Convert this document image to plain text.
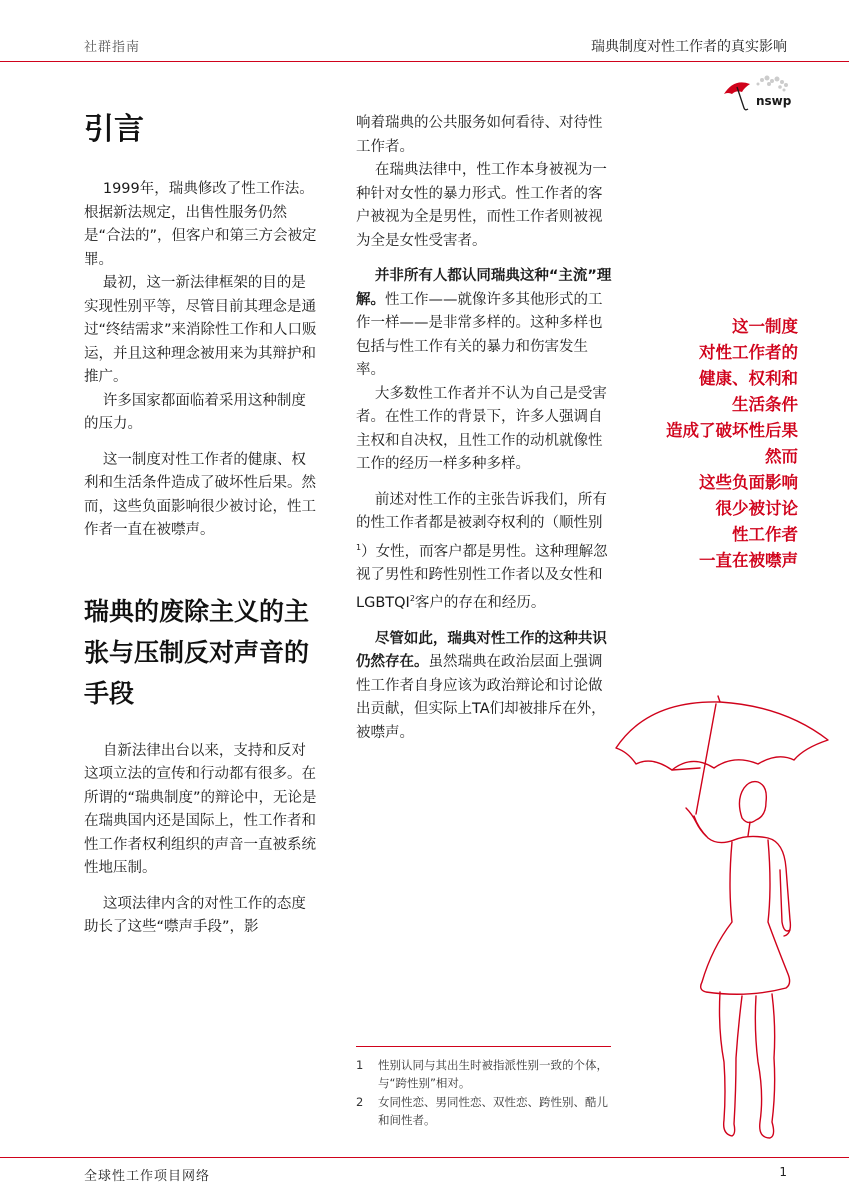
社群指南	瑞典制度对性工作者的真实影响
nswp
引言

1999年，瑞典修改了性工作法。根据新法规定，出售性服务仍然是“合法的”，但客户和第三方会被定罪。

最初，这一新法律框架的目的是实现性别平等，尽管目前其理念是通过“终结需求”来消除性工作和人口贩运，并且这种理念被用来为其辩护和推广。

许多国家都面临着采用这种制度的压力。

这一制度对性工作者的健康、权利和生活条件造成了破坏性后果。然而，这些负面影响很少被讨论，性工作者一直在被噤声。

瑞典的废除主义的主张与压制反对声音的手段

自新法律出台以来，支持和反对这项立法的宣传和行动都有很多。在所谓的“瑞典制度”的辩论中，无论是在瑞典国内还是国际上，性工作者和性工作者权利组织的声音一直被系统性地压制。

这项法律内含的对性工作的态度助长了这些“噤声手段”，影

响着瑞典的公共服务如何看待、对待性工作者。

在瑞典法律中，性工作本身被视为一种针对女性的暴力形式。性工作者的客户被视为全是男性，而性工作者则被视为全是女性受害者。

并非所有人都认同瑞典这种“主流”理解。性工作——就像许多其他形式的工作一样——是非常多样的。这种多样也包括与性工作有关的暴力和伤害发生率。

大多数性工作者并不认为自己是受害者。在性工作的背景下，许多人强调自主权和自决权，且性工作的动机就像性工作的经历一样多种多样。

前述对性工作的主张告诉我们，所有的性工作者都是被剥夺权利的（顺性别$^1$）女性，而客户都是男性。这种理解忽视了男性和跨性别性工作者以及女性和LGBTQI$^2$客户的存在和经历。

尽管如此，瑞典对性工作的这种共识仍然存在。虽然瑞典在政治层面上强调性工作者自身应该为政治辩论和讨论做出贡献，但实际上TA们却被排斥在外，被噤声。

这一制度
对性工作者的
健康、权利和
生活条件
造成了破坏性后果
然而
这些负面影响
很少被讨论
性工作者
一直在被噤声
1	性别认同与其出生时被指派性别一致的个体，与“跨性别”相对。
2	女同性恋、男同性恋、双性恋、跨性别、酷儿和间性者。
全球性工作项目网络	1
